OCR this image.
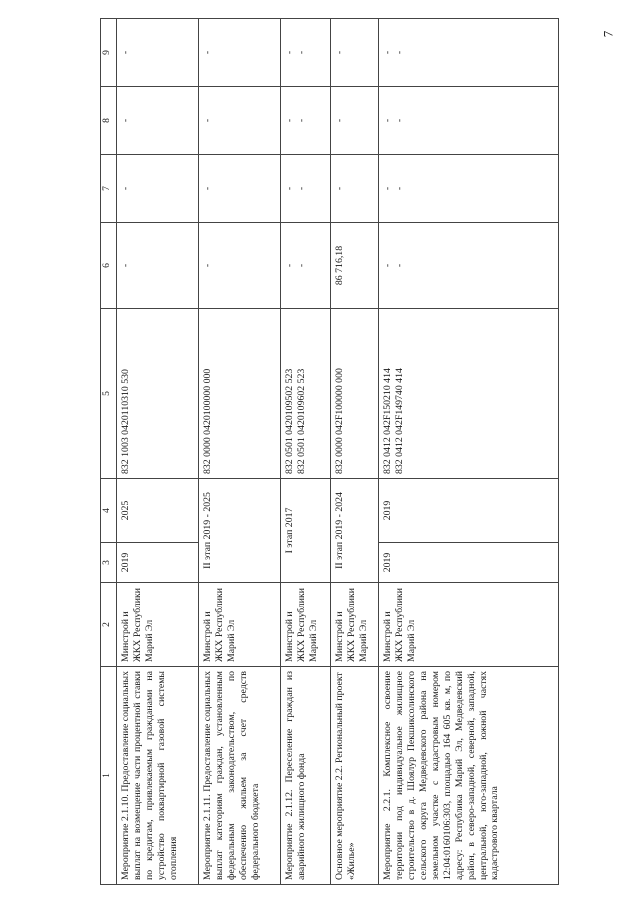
7
1	2	3	4	5	6	7	8	9
Мероприятие 2.1.10. Предоставление социальных выплат на возмещение части процентной ставки по кредитам, привлекаемым гражданами на устройство поквартирной газовой системы отопления	Минстрой и ЖКХ Республики Марий Эл	2019	2025	832 1003 0420110310 530	-	-	-	-

Мероприятие 2.1.11. Предоставление социальных выплат категориям граждан, установленным федеральным законодательством, по обеспечению жильем за счет средств федерального бюджета	Минстрой и ЖКХ Республики Марий Эл	II этап 2019 - 2025		832 0000 0420100000 000	-	-	-	-

Мероприятие 2.1.12. Переселение граждан из аварийного жилищного фонда	Минстрой и ЖКХ Республики Марий Эл	I этап 2017		832 0501 0420109502 523 832 0501 0420109602 523	- -	- -	- -	- -

Основное мероприятие 2.2. Региональный проект «Жилье»	Минстрой и ЖКХ Республики Марий Эл	II этап 2019 - 2024		832 0000 042F100000 000	86 716,18	-	-	-

Мероприятие 2.2.1. Комплексное освоение территории под индивидуальное жилищное строительство в д. Шоялур Пекшиксолинского сельского округа Медведевского района на земельном участке с кадастровым номером 12:04:0160106:303, площадью 164 605 кв. м, по адресу: Республика Марий Эл, Медведевский район, в северо-западной, северной, западной, центральной, юго-западной, южной частях кадастрового квартала	Минстрой и ЖКХ Республики Марий Эл	2019	2019	832 0412 042F150210 414 832 0412 042F149740 414	- -	- -	- -	- -
